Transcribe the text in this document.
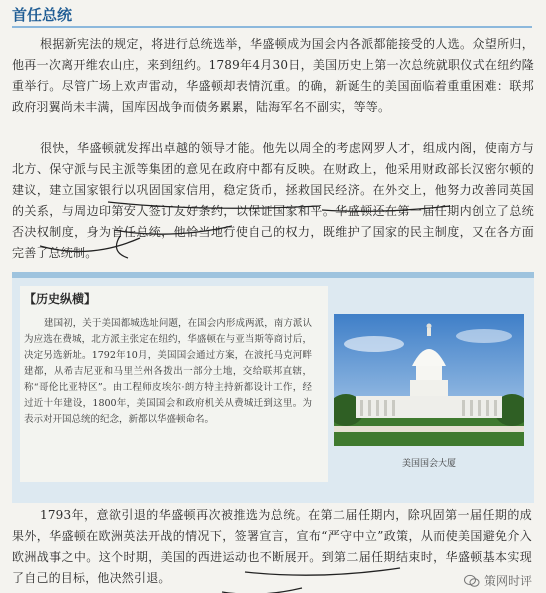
首任总统

根据新宪法的规定，将进行总统选举，华盛顿成为国会内各派都能接受的人选。众望所归，他再一次离开维农山庄，来到纽约。1789年4月30日，美国历史上第一次总统就职仪式在纽约隆重举行。尽管广场上欢声雷动，华盛顿却表情沉重。的确，新诞生的美国面临着重重困难：联邦政府羽翼尚未丰满，国库因战争而债务累累，陆海军名不副实，等等。

很快，华盛顿就发挥出卓越的领导才能。他先以周全的考虑网罗人才，组成内阁，使南方与北方、保守派与民主派等集团的意见在政府中都有反映。在财政上，他采用财政部长汉密尔顿的建议，建立国家银行以巩固国家信用，稳定货币，拯救国民经济。在外交上，他努力改善同英国的关系，与周边印第安人签订友好条约，以保证国家和平。华盛顿还在第一届任期内创立了总统否决权制度，身为首任总统，他恰当地行使自己的权力，既维护了国家的民主制度，又在各方面完善了总统制。

【历史纵横】

建国初，关于美国都城选址问题，在国会内形成两派，南方派认为应选在费城，北方派主张定在纽约，华盛顿在与亚当斯等商讨后，决定另选新址。1792年10月，美国国会通过方案，在波托马克河畔建都，从希吉尼亚和马里兰州各拨出一部分土地，交给联邦直辖，称“哥伦比亚特区”。由工程师皮埃尔·朗方特主持新都设计工作，经过近十年建设，1800年，美国国会和政府机关从费城迁到这里。为表示对开国总统的纪念，新都以华盛顿命名。

美国国会大厦

1793年，意欲引退的华盛顿再次被推选为总统。在第二届任期内，除巩固第一届任期的成果外，华盛顿在欧洲英法开战的情况下，签署宣言，宣布“严守中立”政策，从而使美国避免介入欧洲战事之中。这个时期，美国的西进运动也不断展开。到第二届任期结束时，华盛顿基本实现了自己的目标，他决然引退。	策网时评
